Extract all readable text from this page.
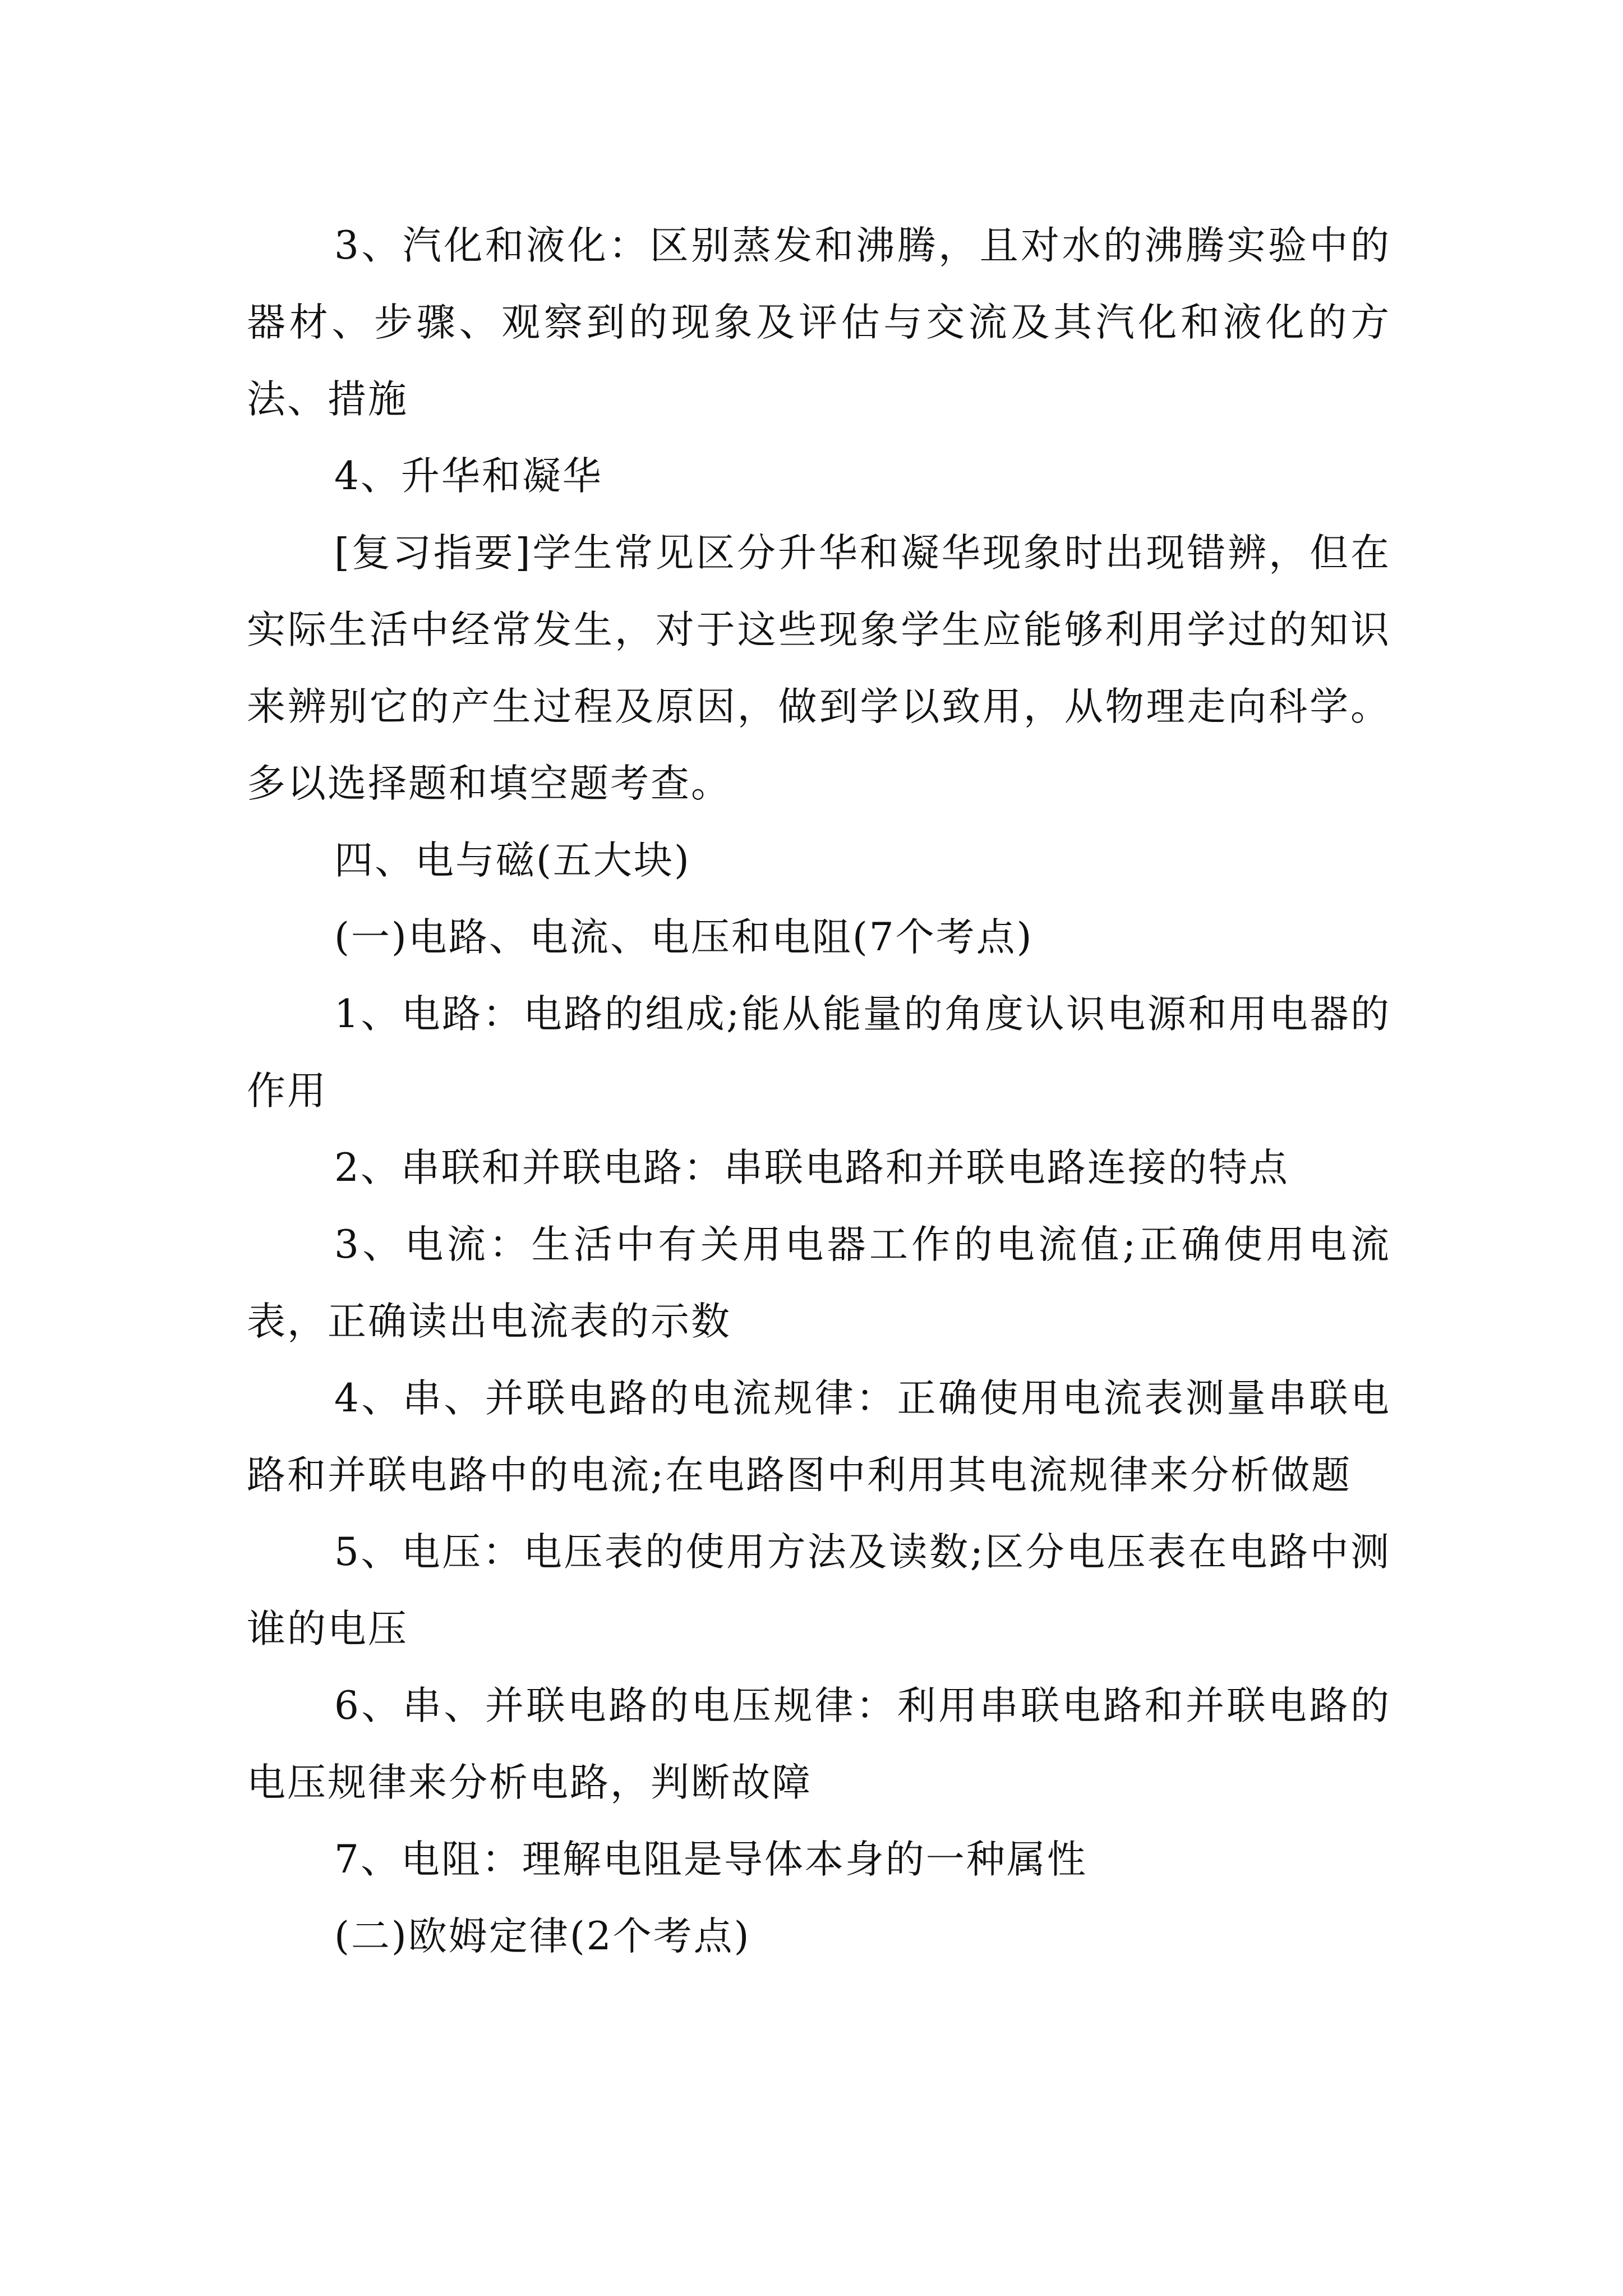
3、汽化和液化：区别蒸发和沸腾，且对水的沸腾实验中的器材、步骤、观察到的现象及评估与交流及其汽化和液化的方法、措施

4、升华和凝华

[复习指要]学生常见区分升华和凝华现象时出现错辨，但在实际生活中经常发生，对于这些现象学生应能够利用学过的知识来辨别它的产生过程及原因，做到学以致用，从物理走向科学。多以选择题和填空题考查。

四、电与磁(五大块)

(一)电路、电流、电压和电阻(7个考点)

1、电路：电路的组成;能从能量的角度认识电源和用电器的作用

2、串联和并联电路：串联电路和并联电路连接的特点

3、电流：生活中有关用电器工作的电流值;正确使用电流表，正确读出电流表的示数

4、串、并联电路的电流规律：正确使用电流表测量串联电路和并联电路中的电流;在电路图中利用其电流规律来分析做题

5、电压：电压表的使用方法及读数;区分电压表在电路中测谁的电压

6、串、并联电路的电压规律：利用串联电路和并联电路的电压规律来分析电路，判断故障

7、电阻：理解电阻是导体本身的一种属性

(二)欧姆定律(2个考点)
